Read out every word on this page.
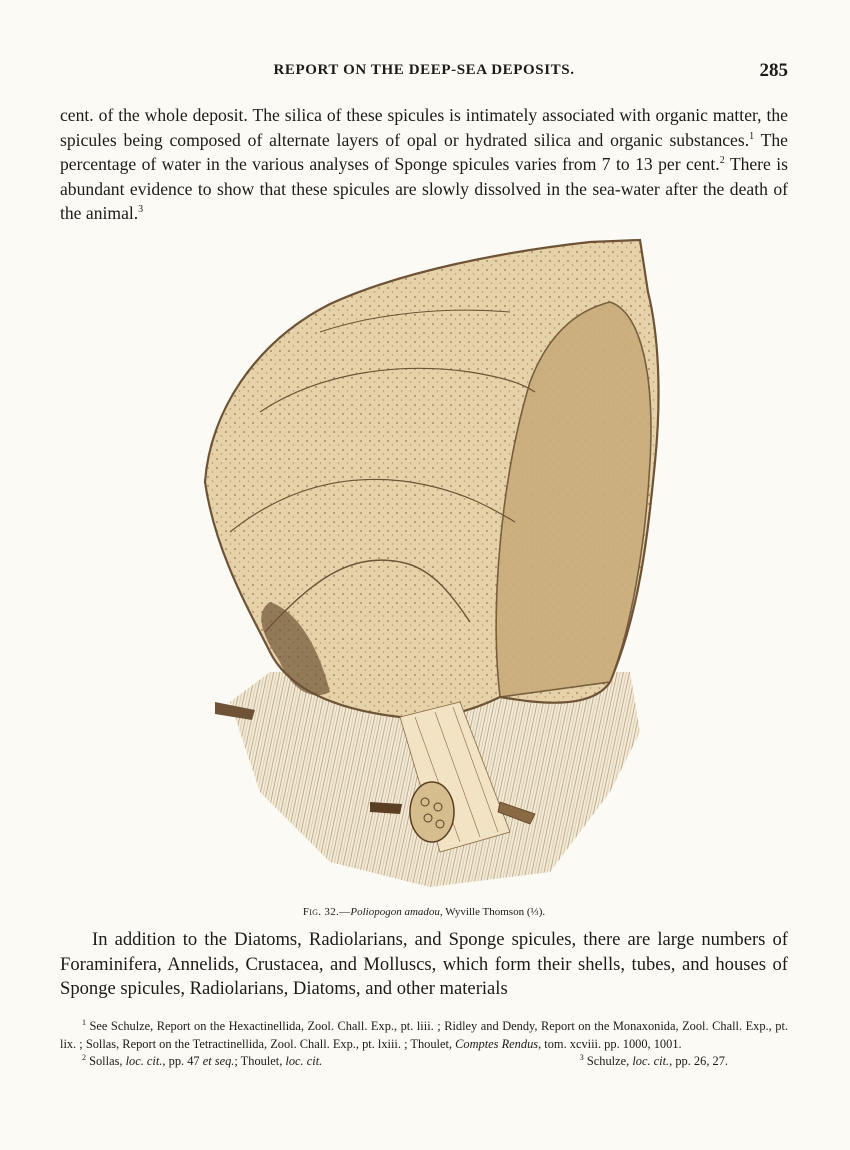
REPORT ON THE DEEP-SEA DEPOSITS.	285

cent. of the whole deposit. The silica of these spicules is intimately associated with organic matter, the spicules being composed of alternate layers of opal or hydrated silica and organic substances.$^1$ The percentage of water in the various analyses of Sponge spicules varies from 7 to 13 per cent.$^2$ There is abundant evidence to show that these spicules are slowly dissolved in the sea-water after the death of the animal.$^3$

Fig. 32.—Poliopogon amadou, Wyville Thomson (⅓).

In addition to the Diatoms, Radiolarians, and Sponge spicules, there are large numbers of Foraminifera, Annelids, Crustacea, and Molluscs, which form their shells, tubes, and houses of Sponge spicules, Radiolarians, Diatoms, and other materials

$^1$ See Schulze, Report on the Hexactinellida, Zool. Chall. Exp., pt. liii. ; Ridley and Dendy, Report on the Monaxonida, Zool. Chall. Exp., pt. lix. ; Sollas, Report on the Tetractinellida, Zool. Chall. Exp., pt. lxiii. ; Thoulet, Comptes Rendus, tom. xcviii. pp. 1000, 1001.

$^2$ Sollas, loc. cit., pp. 47 et seq.; Thoulet, loc. cit.	$^3$ Schulze, loc. cit., pp. 26, 27.
